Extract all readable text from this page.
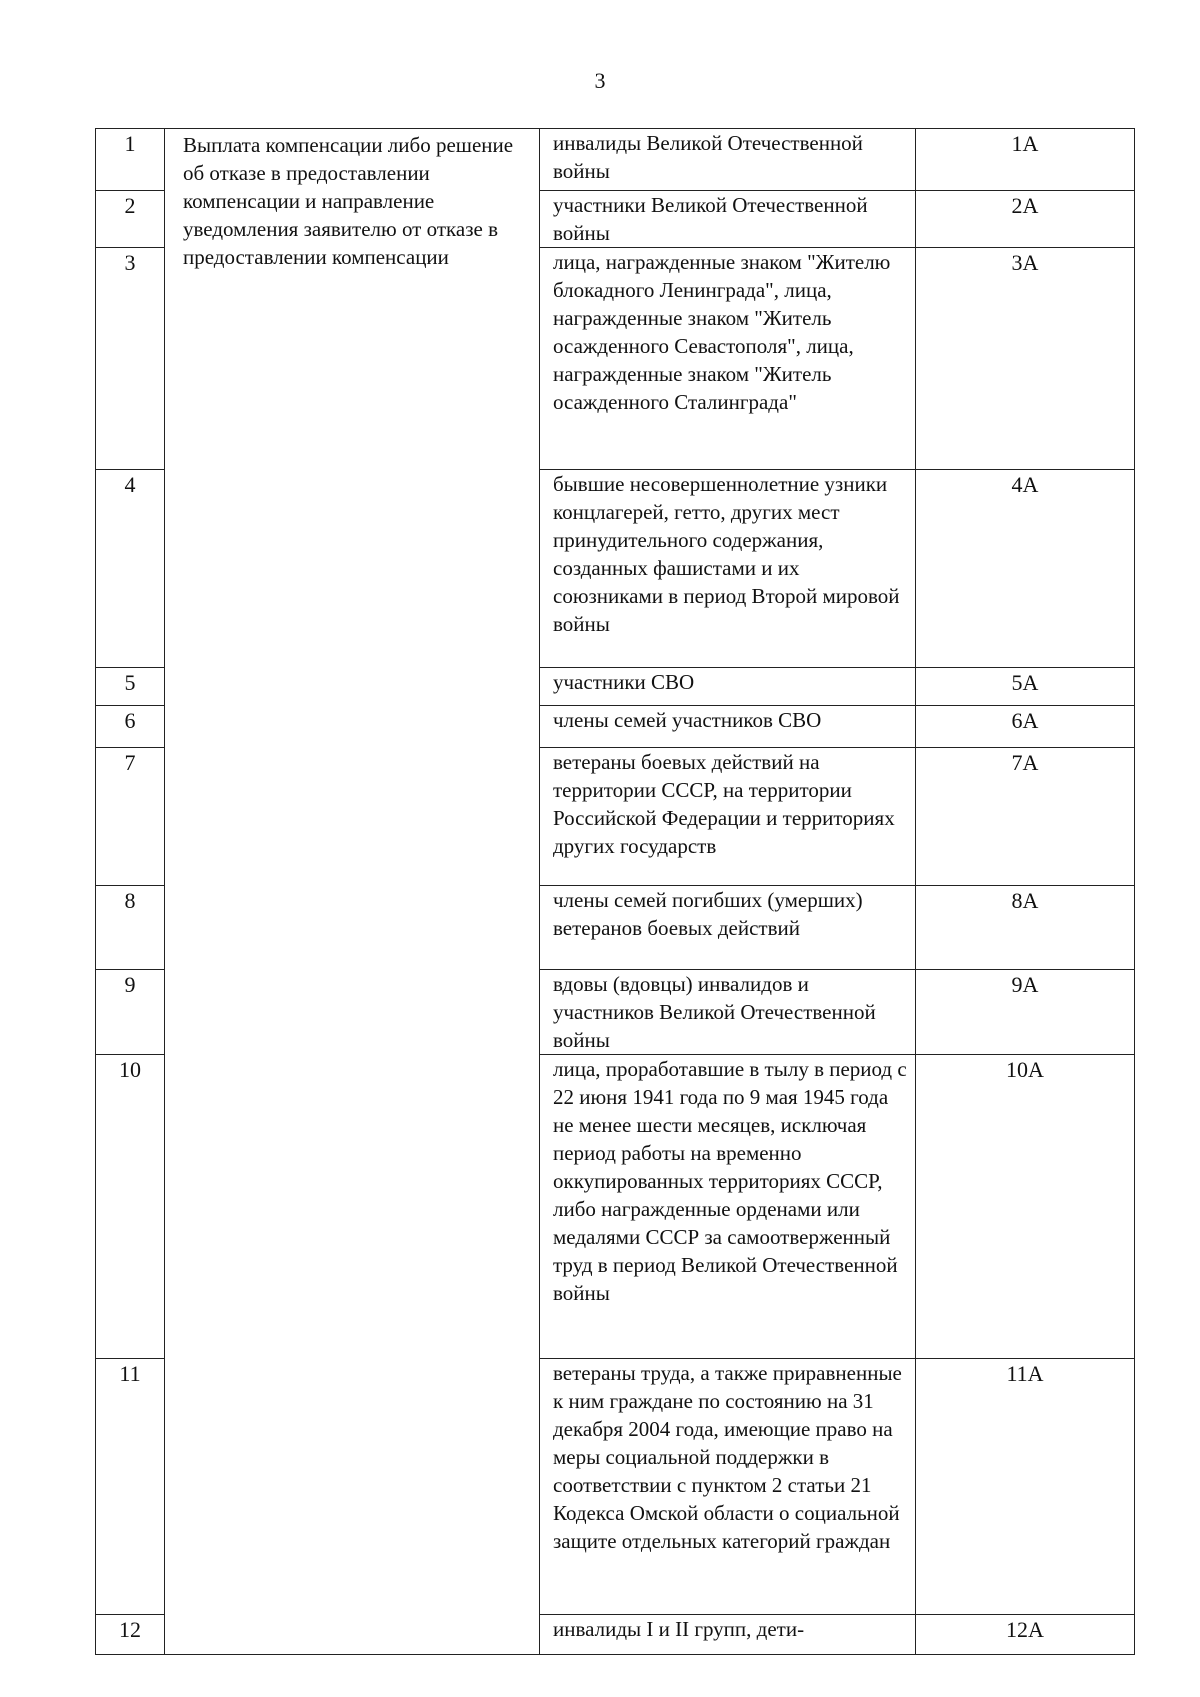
3
1	Выплата компенсации либо решение об отказе в предоставлении компенсации и направление уведомления заявителю от отказе в предоставлении компенсации	инвалиды Великой Отечественной войны	1А
2		участники Великой Отечественной войны	2А
3		лица, награжденные знаком "Жителю блокадного Ленинграда", лица, награжденные знаком "Житель осажденного Севастополя", лица, награжденные знаком "Житель осажденного Сталинграда"	3А
4		бывшие несовершеннолетние узники концлагерей, гетто, других мест принудительного содержания, созданных фашистами и их союзниками в период Второй мировой войны	4А
5		участники СВО	5А
6		члены семей участников СВО	6А
7		ветераны боевых действий на территории СССР, на территории Российской Федерации и территориях других государств	7А
8		члены семей погибших (умерших) ветеранов боевых действий	8А
9		вдовы (вдовцы) инвалидов и участников Великой Отечественной войны	9А
10		лица, проработавшие в тылу в период с 22 июня 1941 года по 9 мая 1945 года не менее шести месяцев, исключая период работы на временно оккупированных территориях СССР, либо награжденные орденами или медалями СССР за самоотверженный труд в период Великой Отечественной войны	10А
11		ветераны труда, а также приравненные к ним граждане по состоянию на 31 декабря 2004 года, имеющие право на меры социальной поддержки в соответствии с пунктом 2 статьи 21 Кодекса Омской области о социальной защите отдельных категорий граждан	11А
12		инвалиды I и II групп, дети-	12А
